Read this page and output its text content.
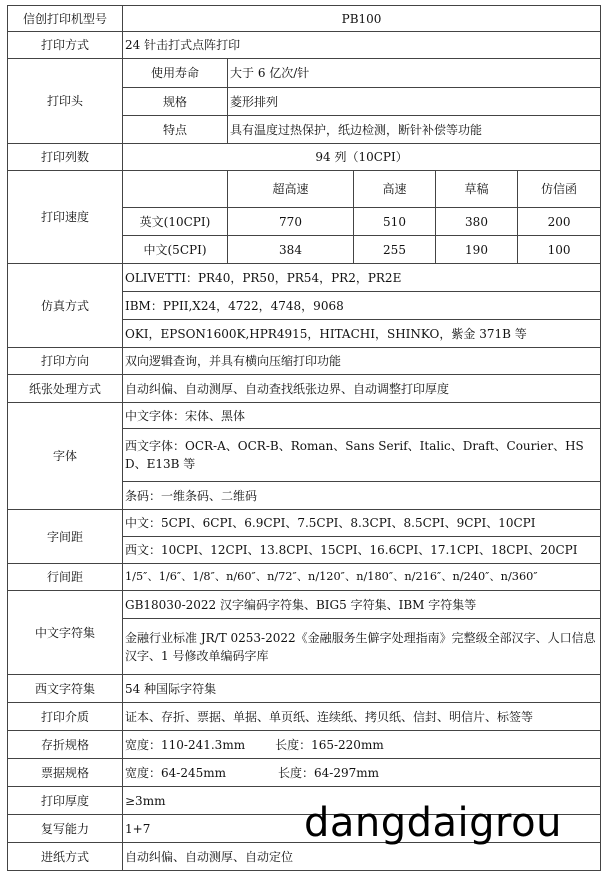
信创打印机型号	PB100					
打印方式	24 针击打式点阵打印					
打印头	使用寿命	大于 6 亿次/针				
	规格	菱形排列				
	特点	具有温度过热保护，纸边检测，断针补偿等功能				
打印列数	94 列（10CPI）					
打印速度		超高速	高速	草稿	仿信函	
	英文(10CPI)	770	510	380	200	
	中文(5CPI)	384	255	190	100	
仿真方式	OLIVETTI：PR40，PR50，PR54，PR2，PR2E					
	IBM：PPII,X24，4722，4748，9068					
	OKI，EPSON1600K,HPR4915，HITACHI，SHINKO，紫金 371B 等					
打印方向	双向逻辑查询，并具有横向压缩打印功能					
纸张处理方式	自动纠偏、自动测厚、自动查找纸张边界、自动调整打印厚度					
字体	中文字体：宋体、黑体					
	西文字体：OCR-A、OCR-B、Roman、Sans Serif、Italic、Draft、Courier、HSD、E13B 等					
	条码：一维条码、二维码					
字间距	中文：5CPI、6CPI、6.9CPI、7.5CPI、8.3CPI、8.5CPI、9CPI、10CPI					
	西文：10CPI、12CPI、13.8CPI、15CPI、16.6CPI、17.1CPI、18CPI、20CPI					
行间距	1/5″、1/6″、1/8″、n/60″、n/72″、n/120″、n/180″、n/216″、n/240″、n/360″					
中文字符集	GB18030-2022 汉字编码字符集、BIG5 字符集、IBM 字符集等					
	金融行业标准 JR/T 0253-2022《金融服务生僻字处理指南》完整级全部汉字、人口信息汉字、1 号修改单编码字库					
西文字符集	54 种国际字符集					
打印介质	证本、存折、票据、单据、单页纸、连续纸、拷贝纸、信封、明信片、标签等					
存折规格	宽度：110-241.3mm 长度：165-220mm					
票据规格	宽度：64-245mm 长度：64-297mm					
打印厚度	≥3mm					
复写能力	1+7					
进纸方式	自动纠偏、自动测厚、自动定位					
dangdaigrou
